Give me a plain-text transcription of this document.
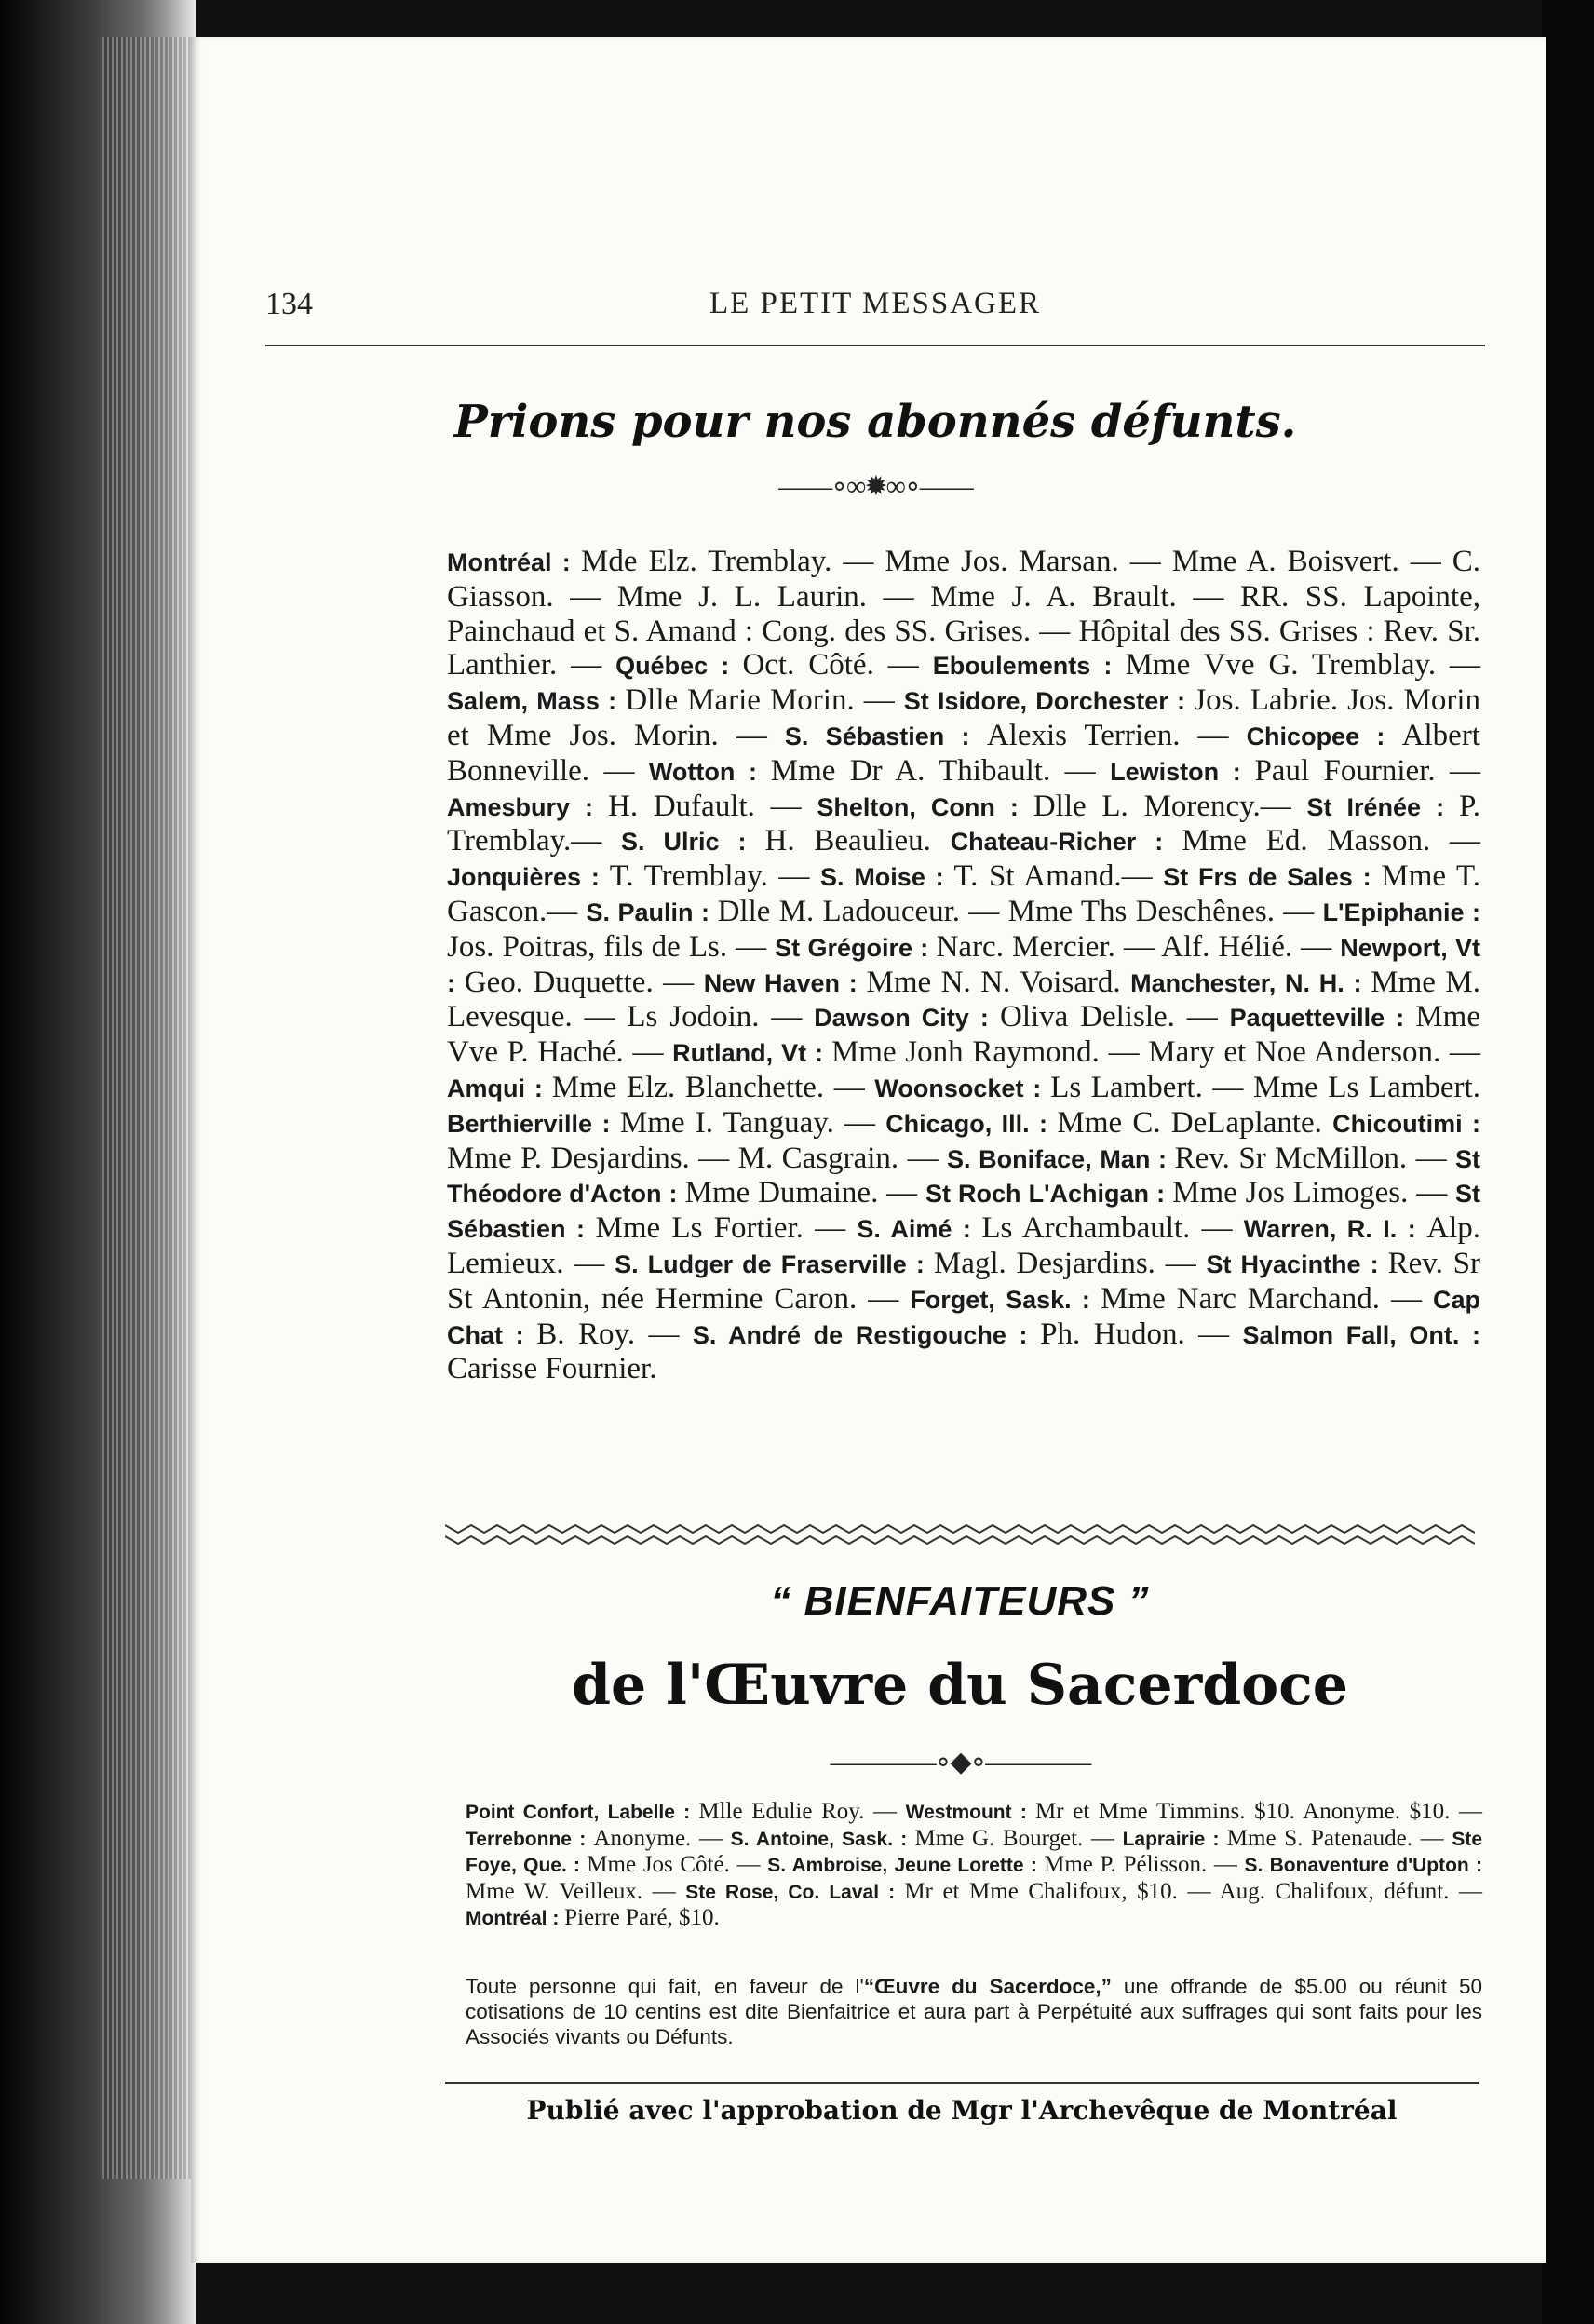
134	LE PETIT MESSAGER
Prions pour nos abonnés défunts.
——∘∞✹∞∘——

Montréal : Mde Elz. Tremblay. — Mme Jos. Marsan. — Mme A. Boisvert. — C. Giasson. — Mme J. L. Laurin. — Mme J. A. Brault. — RR. SS. Lapointe, Painchaud et S. Amand : Cong. des SS. Grises. — Hôpital des SS. Grises : Rev. Sr. Lanthier. — Québec : Oct. Côté. — Eboulements : Mme Vve G. Tremblay. — Salem, Mass : Dlle Marie Morin. — St Isidore, Dorchester : Jos. Labrie. Jos. Morin et Mme Jos. Morin. — S. Sébastien : Alexis Terrien. — Chicopee : Albert Bonneville. — Wotton : Mme Dr A. Thibault. — Lewiston : Paul Fournier. — Amesbury : H. Dufault. — Shelton, Conn : Dlle L. Morency.— St Irénée : P. Tremblay.— S. Ulric : H. Beaulieu. Chateau-Richer : Mme Ed. Masson. — Jonquières : T. Tremblay. — S. Moise : T. St Amand.— St Frs de Sales : Mme T. Gascon.— S. Paulin : Dlle M. Ladouceur. — Mme Ths Deschênes. — L'Epiphanie : Jos. Poitras, fils de Ls. — St Grégoire : Narc. Mercier. — Alf. Hélié. — Newport, Vt : Geo. Duquette. — New Haven : Mme N. N. Voisard. Manchester, N. H. : Mme M. Levesque. — Ls Jodoin. — Dawson City : Oliva Delisle. — Paquetteville : Mme Vve P. Haché. — Rutland, Vt : Mme Jonh Raymond. — Mary et Noe Anderson. — Amqui : Mme Elz. Blanchette. — Woonsocket : Ls Lambert. — Mme Ls Lambert. Berthierville : Mme I. Tanguay. — Chicago, Ill. : Mme C. DeLaplante. Chicoutimi : Mme P. Desjardins. — M. Casgrain. — S. Boniface, Man : Rev. Sr McMillon. — St Théodore d'Acton : Mme Dumaine. — St Roch L'Achigan : Mme Jos Limoges. — St Sébastien : Mme Ls Fortier. — S. Aimé : Ls Archambault. — Warren, R. I. : Alp. Lemieux. — S. Ludger de Fraserville : Magl. Desjardins. — St Hyacinthe : Rev. Sr St Antonin, née Hermine Caron. — Forget, Sask. : Mme Narc Marchand. — Cap Chat : B. Roy. — S. André de Restigouche : Ph. Hudon. — Salmon Fall, Ont. : Carisse Fournier.

“ BIENFAITEURS ”
de l'Œuvre du Sacerdoce
————∘◆∘————

Point Confort, Labelle : Mlle Edulie Roy. — Westmount : Mr et Mme Timmins. $10. Anonyme. $10. — Terrebonne : Anonyme. — S. Antoine, Sask. : Mme G. Bourget. — Laprairie : Mme S. Patenaude. — Ste Foye, Que. : Mme Jos Côté. — S. Ambroise, Jeune Lorette : Mme P. Pélisson. — S. Bonaventure d'Upton : Mme W. Veilleux. — Ste Rose, Co. Laval : Mr et Mme Chalifoux, $10. — Aug. Chalifoux, défunt. — Montréal : Pierre Paré, $10.

Toute personne qui fait, en faveur de l'“Œuvre du Sacerdoce,” une offrande de $5.00 ou réunit 50 cotisations de 10 centins est dite Bienfaitrice et aura part à Perpétuité aux suffrages qui sont faits pour les Associés vivants ou Défunts.

Publié avec l'approbation de Mgr l'Archevêque de Montréal
